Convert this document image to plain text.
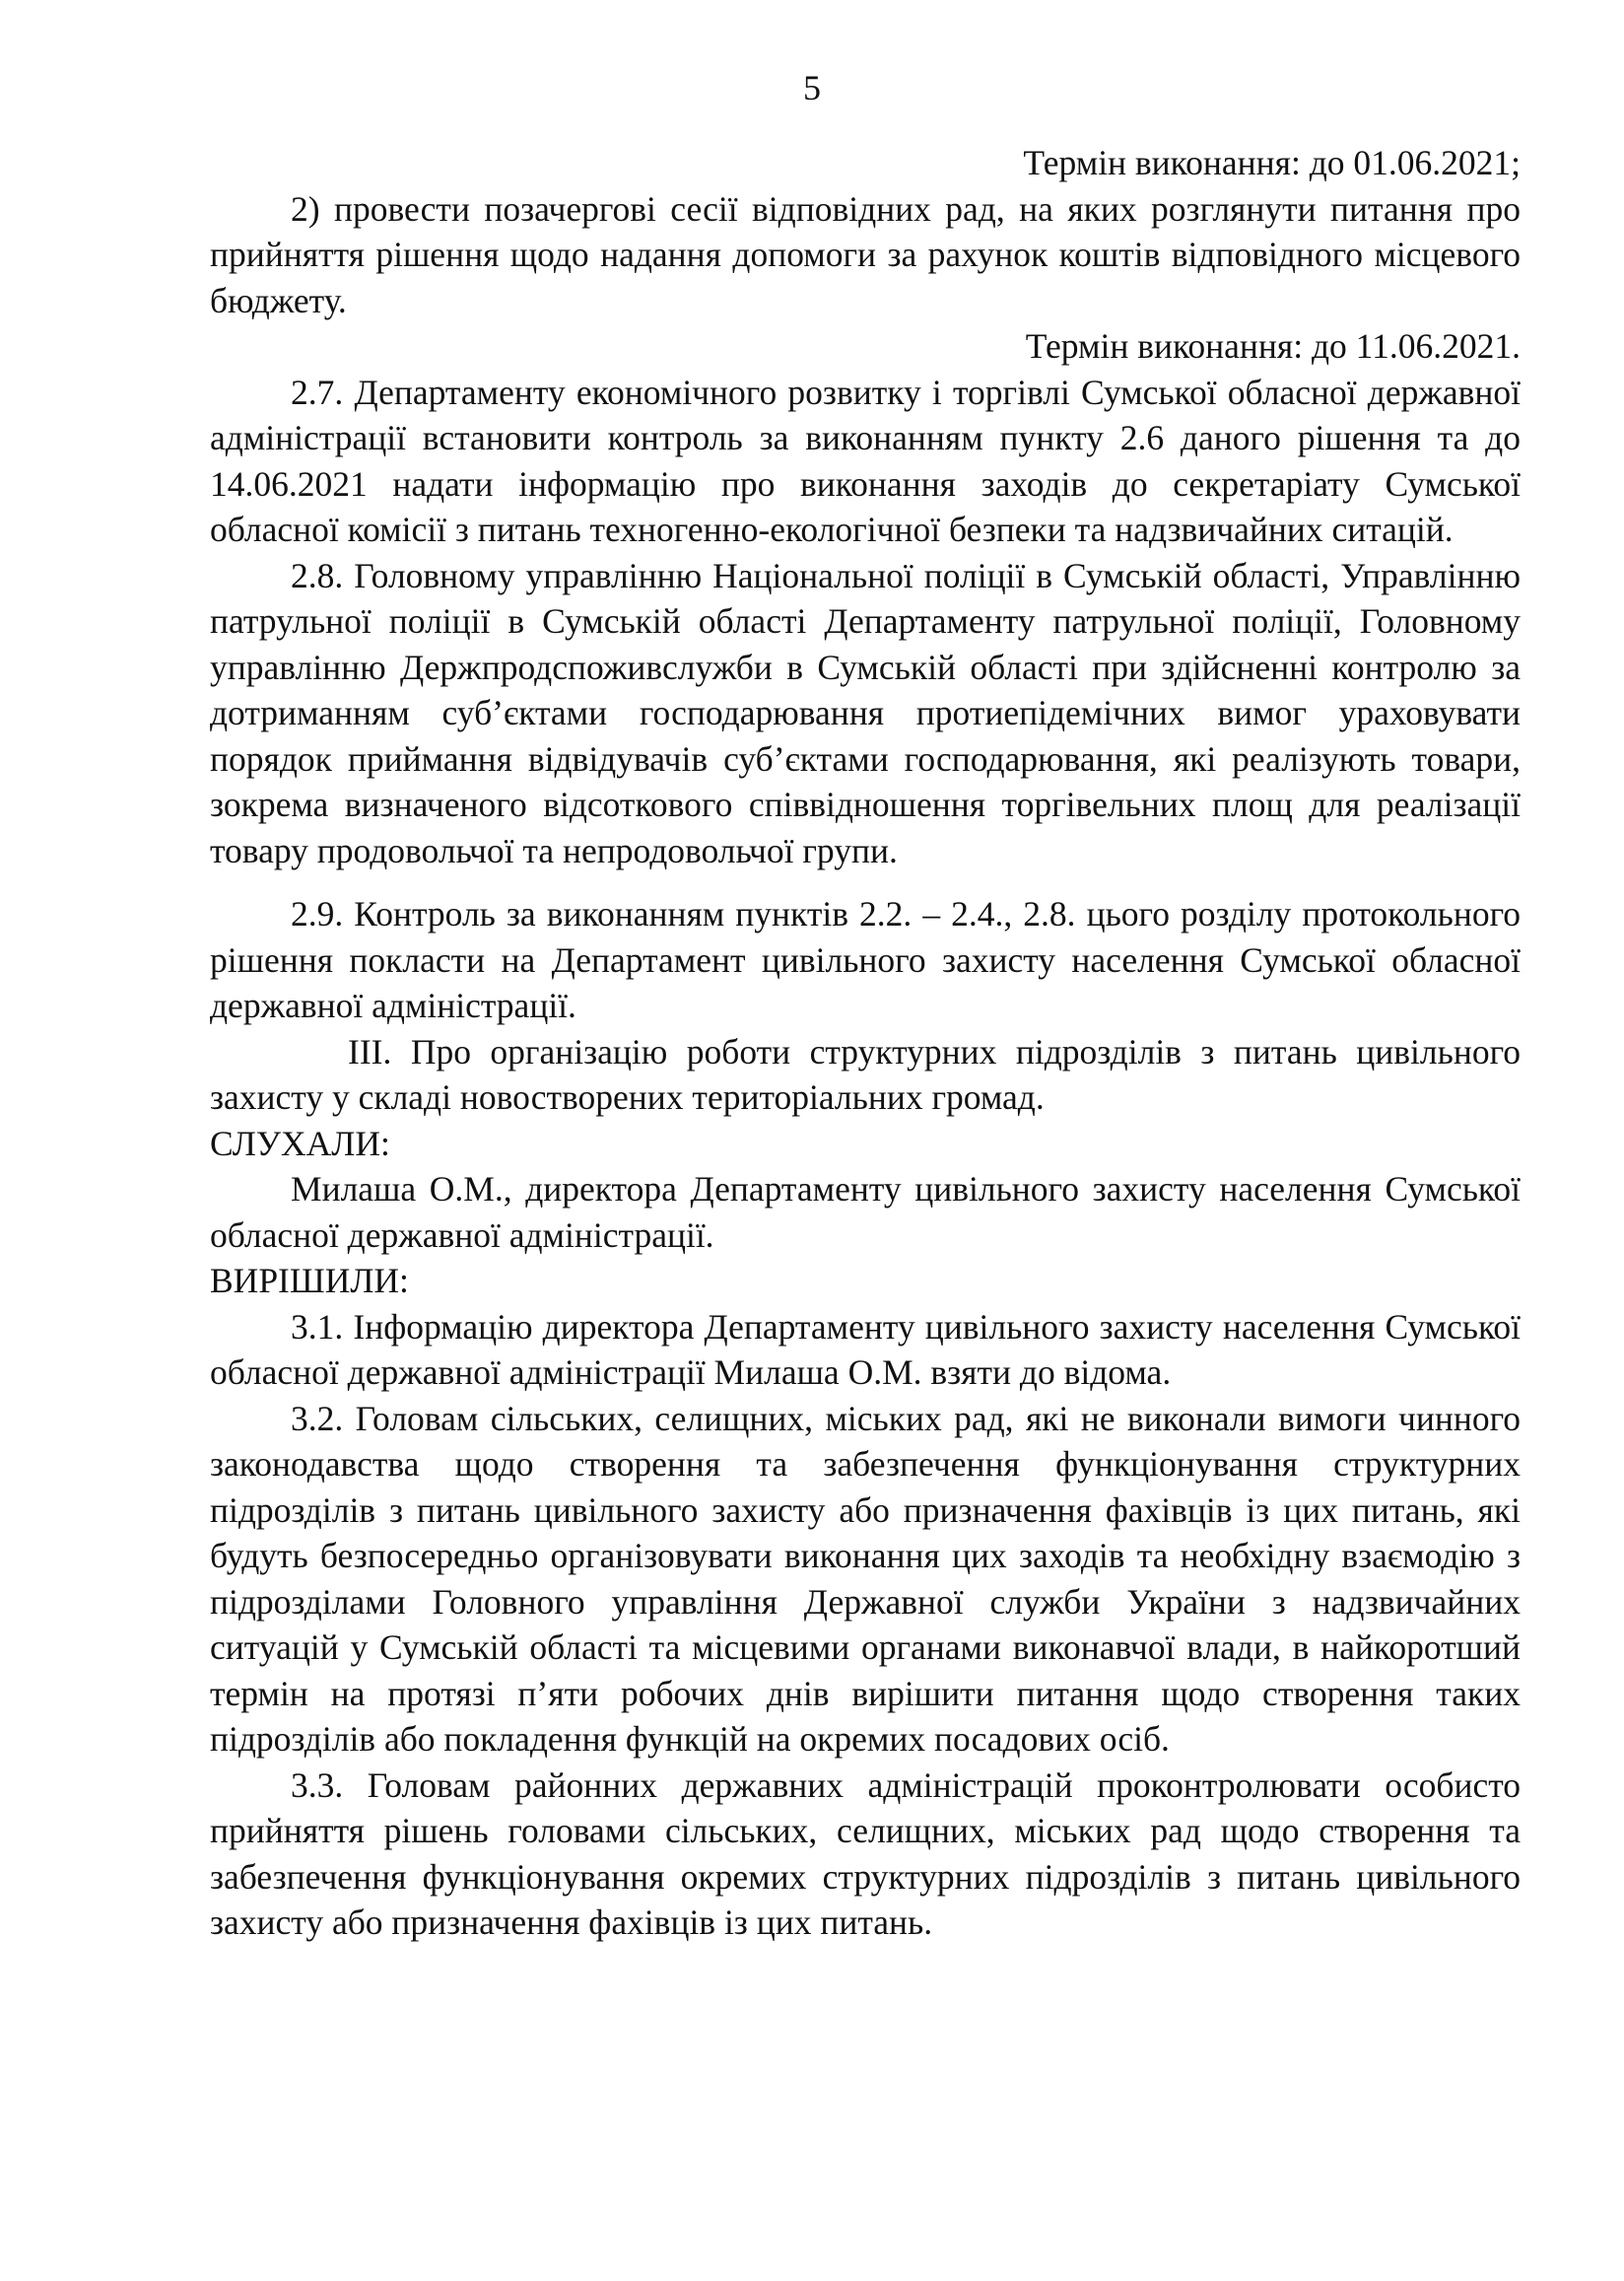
5

Термін виконання: до 01.06.2021;

2) провести позачергові сесії відповідних рад, на яких розглянути питання про прийняття рішення щодо надання допомоги за рахунок коштів відповідного місцевого бюджету.

Термін виконання: до 11.06.2021.

2.7. Департаменту економічного розвитку і торгівлі Сумської обласної державної адміністрації встановити контроль за виконанням пункту 2.6 даного рішення та до 14.06.2021 надати інформацію про виконання заходів до секретаріату Сумської обласної комісії з питань техногенно-екологічної безпеки та надзвичайних ситацій.

2.8. Головному управлінню Національної поліції в Сумській області, Управлінню патрульної поліції в Сумській області Департаменту патрульної поліції, Головному управлінню Держпродспоживслужби в Сумській області при здійсненні контролю за дотриманням суб’єктами господарювання протиепідемічних вимог ураховувати порядок приймання відвідувачів суб’єктами господарювання, які реалізують товари, зокрема визначеного відсоткового співвідношення торгівельних площ для реалізації товару продовольчої та непродовольчої групи.

2.9. Контроль за виконанням пунктів 2.2. – 2.4., 2.8. цього розділу протокольного рішення покласти на Департамент цивільного захисту населення Сумської обласної державної адміністрації.

ІІІ. Про організацію роботи структурних підрозділів з питань цивільного захисту у складі новостворених територіальних громад.

СЛУХАЛИ:

Милаша О.М., директора Департаменту цивільного захисту населення Сумської обласної державної адміністрації.

ВИРІШИЛИ:

3.1. Інформацію директора Департаменту цивільного захисту населення Сумської обласної державної адміністрації Милаша О.М. взяти до відома.

3.2. Головам сільських, селищних, міських рад, які не виконали вимоги чинного законодавства щодо створення та забезпечення функціонування структурних підрозділів з питань цивільного захисту або призначення фахівців із цих питань, які будуть безпосередньо організовувати виконання цих заходів та необхідну взаємодію з підрозділами Головного управління Державної служби України з надзвичайних ситуацій у Сумській області та місцевими органами виконавчої влади, в найкоротший термін на протязі п’яти робочих днів вирішити питання щодо створення таких підрозділів або покладення функцій на окремих посадових осіб.

3.3. Головам районних державних адміністрацій проконтролювати особисто прийняття рішень головами сільських, селищних, міських рад щодо створення та забезпечення функціонування окремих структурних підрозділів з питань цивільного захисту або призначення фахівців із цих питань.
